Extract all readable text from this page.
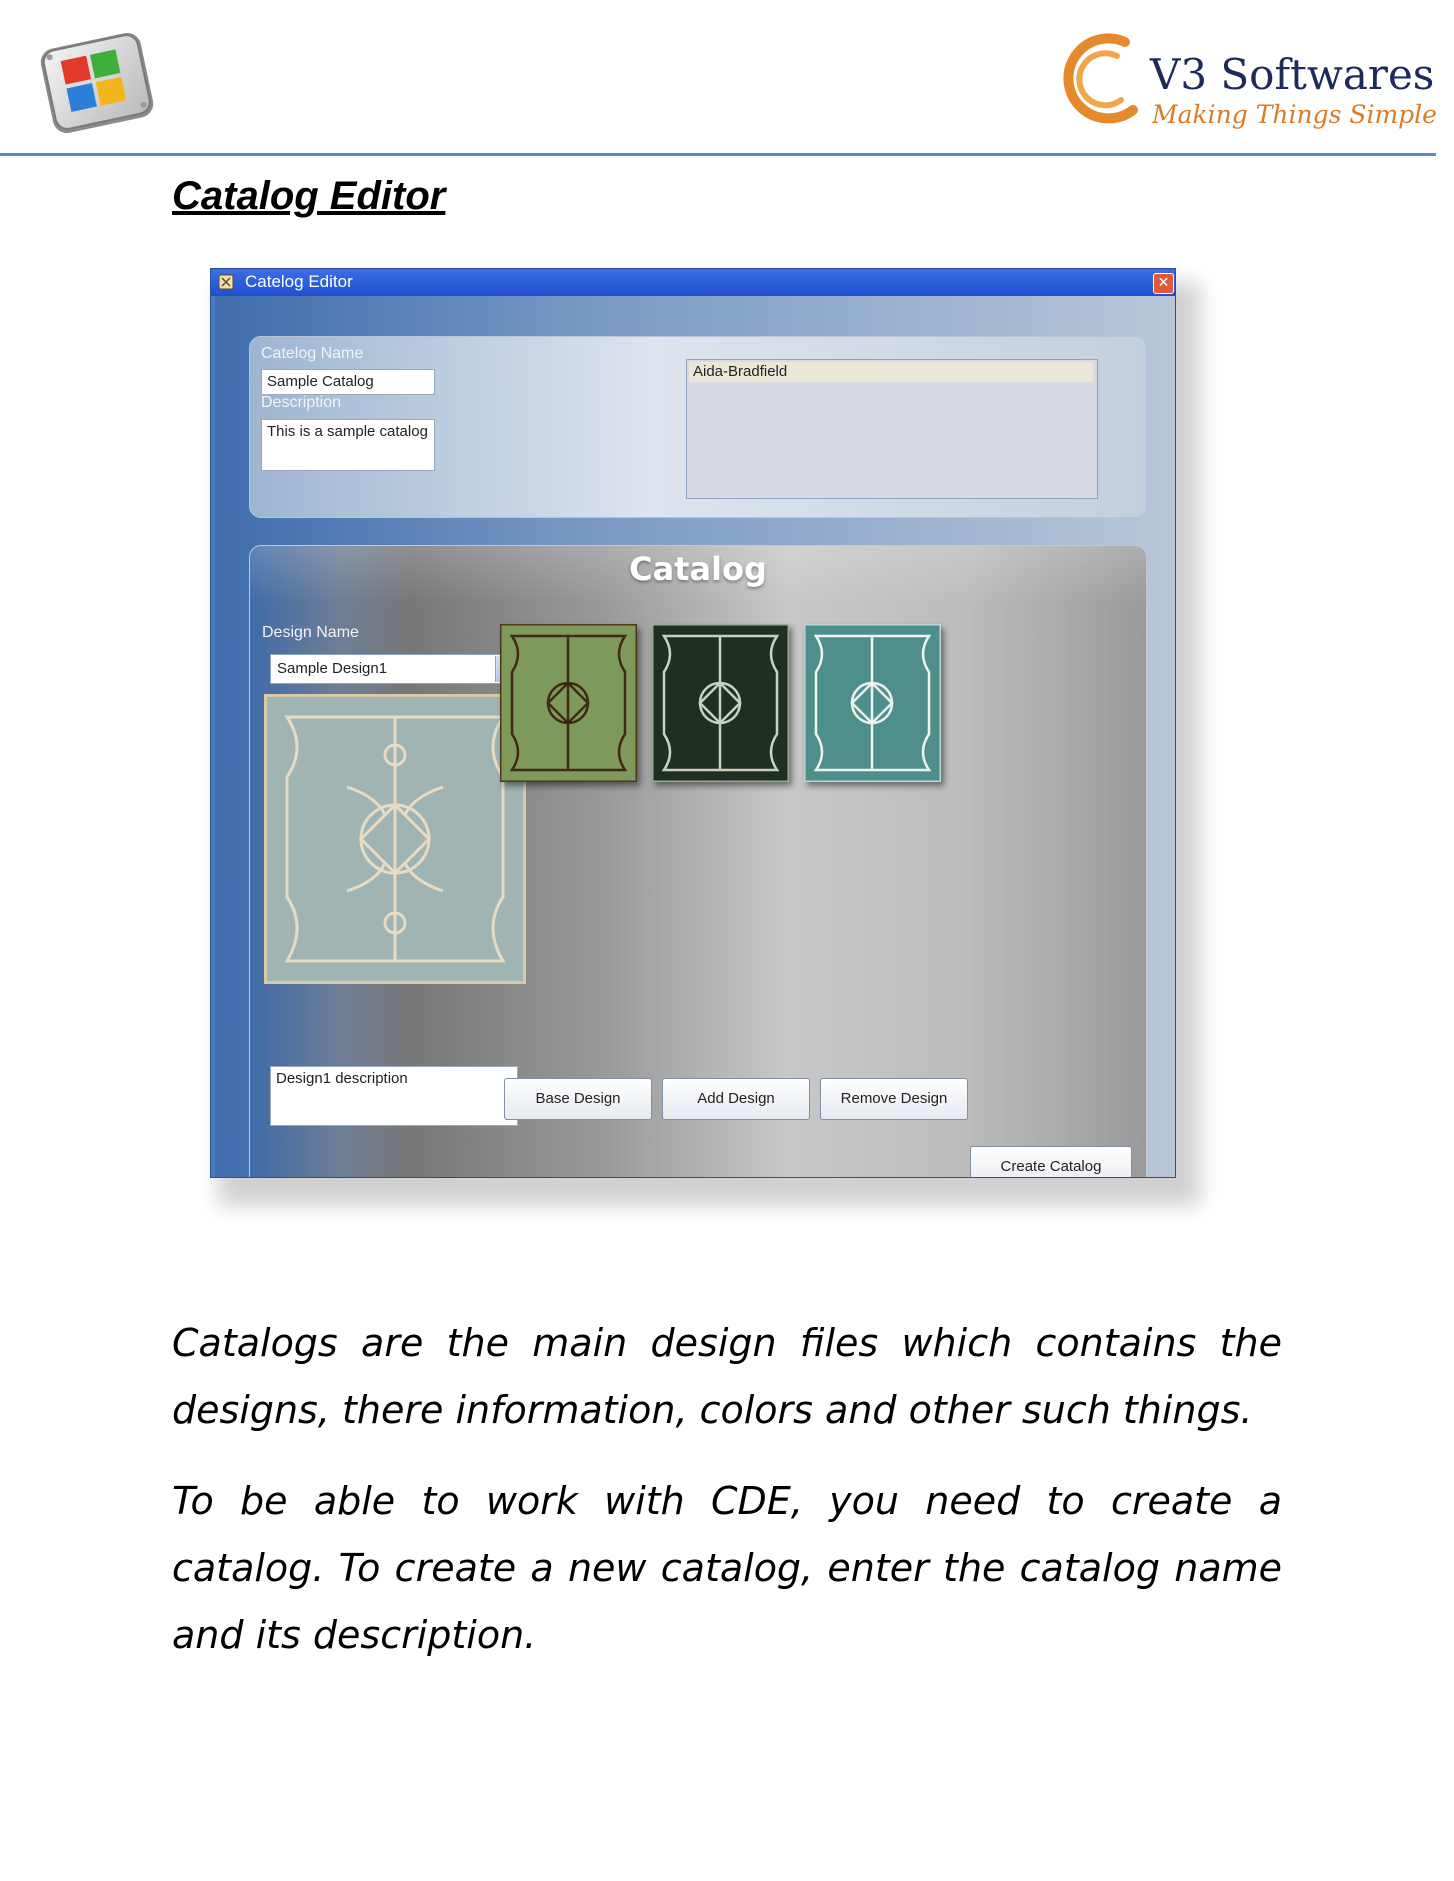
V3 Softwares
Making Things Simple
Catalog Editor
Catelog Editor	✕
Catelog Name
Sample Catalog
Description
This is a sample catalog
Aida-Bradfield
Catalog
Design Name
Sample Design1
Design1 description
Base Design	Add Design	Remove Design
Create Catalog

Catalogs are the main design files which contains the designs, there information, colors and other such things.

To be able to work with CDE, you need to create a catalog. To create a new catalog, enter the catalog name and its description.
